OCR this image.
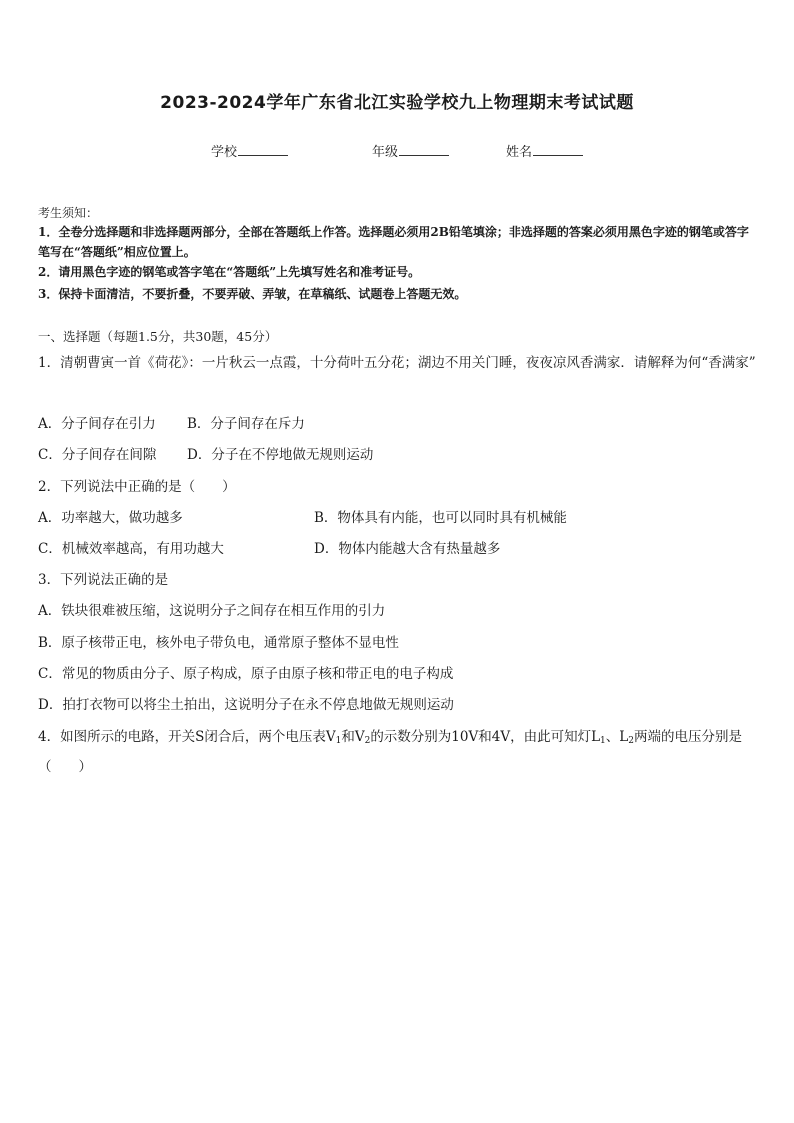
2023-2024学年广东省北江实验学校九上物理期末考试试题
学校	年级	姓名
考生须知：
1．全卷分选择题和非选择题两部分，全部在答题纸上作答。选择题必须用2B铅笔填涂；非选择题的答案必须用黑色字迹的钢笔或答字笔写在“答题纸”相应位置上。
2．请用黑色字迹的钢笔或答字笔在“答题纸”上先填写姓名和准考证号。
3．保持卡面清洁，不要折叠，不要弄破、弄皱，在草稿纸、试题卷上答题无效。
一、选择题（每题1.5分，共30题，45分）
1．清朝曹寅一首《荷花》：一片秋云一点霞，十分荷叶五分花；湖边不用关门睡，夜夜凉风香满家．请解释为何“香满家”
A．分子间存在引力 B．分子间存在斥力
C．分子间存在间隙 D．分子在不停地做无规则运动
2．下列说法中正确的是（　　）
A．功率越大，做功越多	B．物体具有内能，也可以同时具有机械能
C．机械效率越高，有用功越大	D．物体内能越大含有热量越多
3．下列说法正确的是
A．铁块很难被压缩，这说明分子之间存在相互作用的引力
B．原子核带正电，核外电子带负电，通常原子整体不显电性
C．常见的物质由分子、原子构成，原子由原子核和带正电的电子构成
D．拍打衣物可以将尘土拍出，这说明分子在永不停息地做无规则运动
4．如图所示的电路，开关S闭合后，两个电压表$V_1$和$V_2$的示数分别为10V和4V，由此可知灯$L_1$、$L_2$两端的电压分别是（　　）
